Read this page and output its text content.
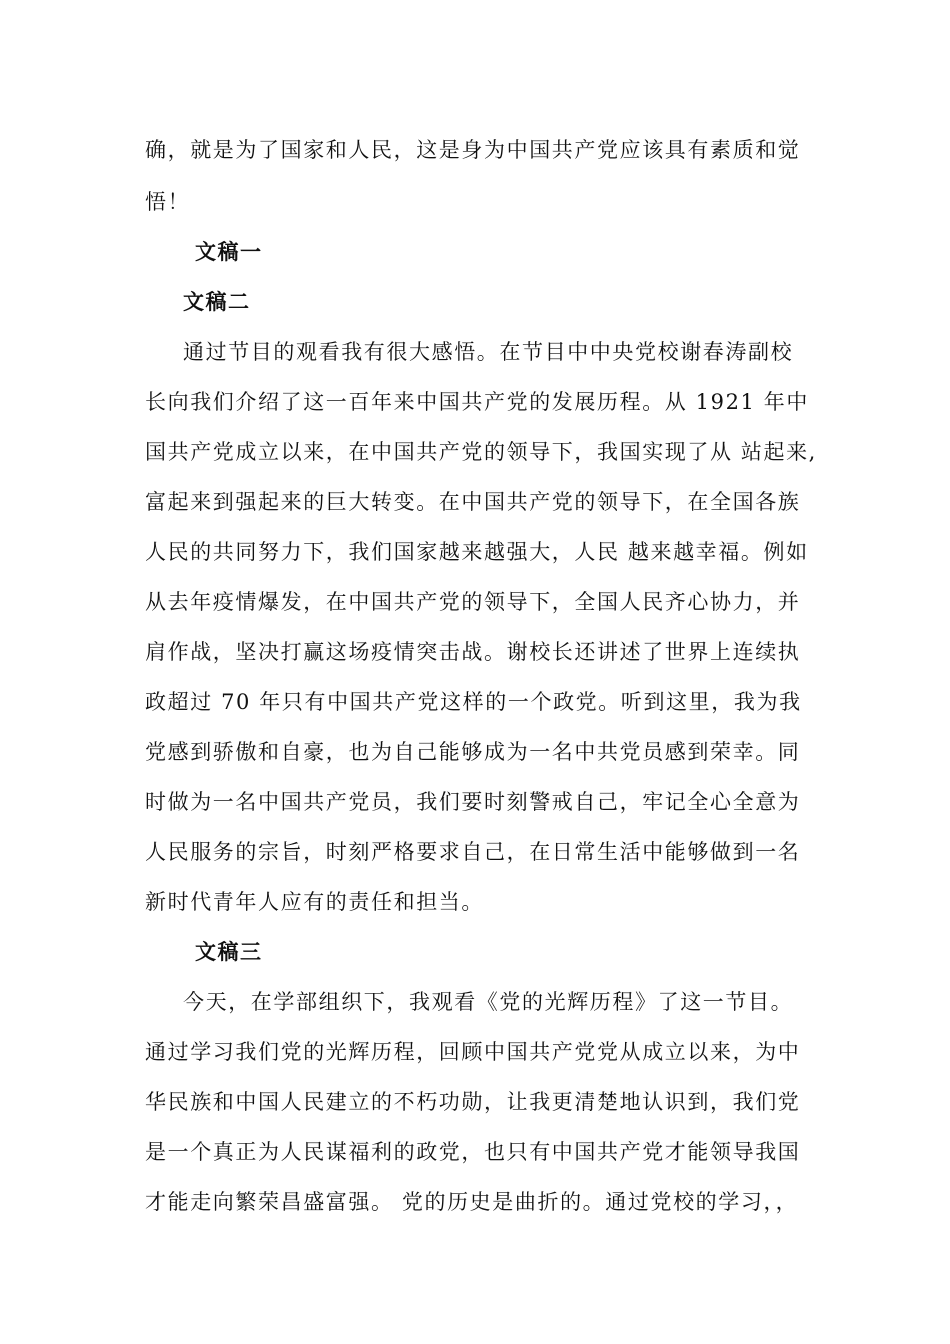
确，就是为了国家和人民，这是身为中国共产党应该具有素质和觉
悟！
文稿一
文稿二
通过节目的观看我有很大感悟。在节目中中央党校谢春涛副校
长向我们介绍了这一百年来中国共产党的发展历程。从 1921 年中
国共产党成立以来，在中国共产党的领导下，我国实现了从 站起来,
富起来到强起来的巨大转变。在中国共产党的领导下，在全国各族
人民的共同努力下，我们国家越来越强大，人民 越来越幸福。例如
从去年疫情爆发，在中国共产党的领导下，全国人民齐心协力，并
肩作战，坚决打赢这场疫情突击战。谢校长还讲述了世界上连续执
政超过 70 年只有中国共产党这样的一个政党。听到这里，我为我
党感到骄傲和自豪，也为自己能够成为一名中共党员感到荣幸。同
时做为一名中国共产党员，我们要时刻警戒自己，牢记全心全意为
人民服务的宗旨，时刻严格要求自己，在日常生活中能够做到一名
新时代青年人应有的责任和担当。
文稿三
今天，在学部组织下，我观看《党的光辉历程》了这一节目。
通过学习我们党的光辉历程，回顾中国共产党党从成立以来，为中
华民族和中国人民建立的不朽功勋，让我更清楚地认识到，我们党
是一个真正为人民谋福利的政党，也只有中国共产党才能领导我国
才能走向繁荣昌盛富强。 党的历史是曲折的。通过党校的学习，，
